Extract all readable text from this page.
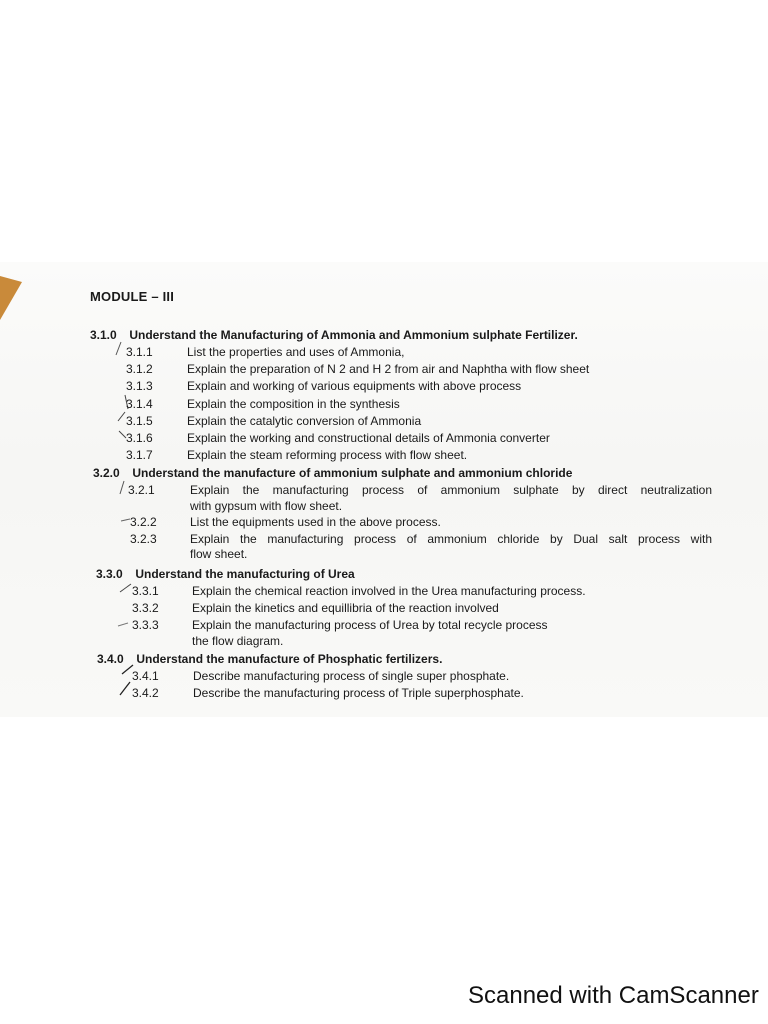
MODULE – III
3.1.0 Understand the Manufacturing of Ammonia and Ammonium sulphate Fertilizer.
3.1.1	List the properties and uses of Ammonia,
3.1.2	Explain the preparation of N 2 and H 2 from air and Naphtha with flow sheet
3.1.3	Explain and working of various equipments with above process
3.1.4	Explain the composition in the synthesis
3.1.5	Explain the catalytic conversion of Ammonia
3.1.6	Explain the working and constructional details of Ammonia converter
3.1.7	Explain the steam reforming process with flow sheet.
3.2.0 Understand the manufacture of ammonium sulphate and ammonium chloride
3.2.1	Explain the manufacturing process of ammonium sulphate by direct neutralization
with gypsum with flow sheet.
3.2.2	List the equipments used in the above process.
3.2.3	Explain the manufacturing process of ammonium chloride by Dual salt process with
flow sheet.
3.3.0 Understand the manufacturing of Urea
3.3.1	Explain the chemical reaction involved in the Urea manufacturing process.
3.3.2	Explain the kinetics and equillibria of the reaction involved
3.3.3	Explain the manufacturing process of Urea by total recycle process
the flow diagram.
3.4.0 Understand the manufacture of Phosphatic fertilizers.
3.4.1	Describe manufacturing process of single super phosphate.
3.4.2	Describe the manufacturing process of Triple superphosphate.
Scanned with CamScanner
